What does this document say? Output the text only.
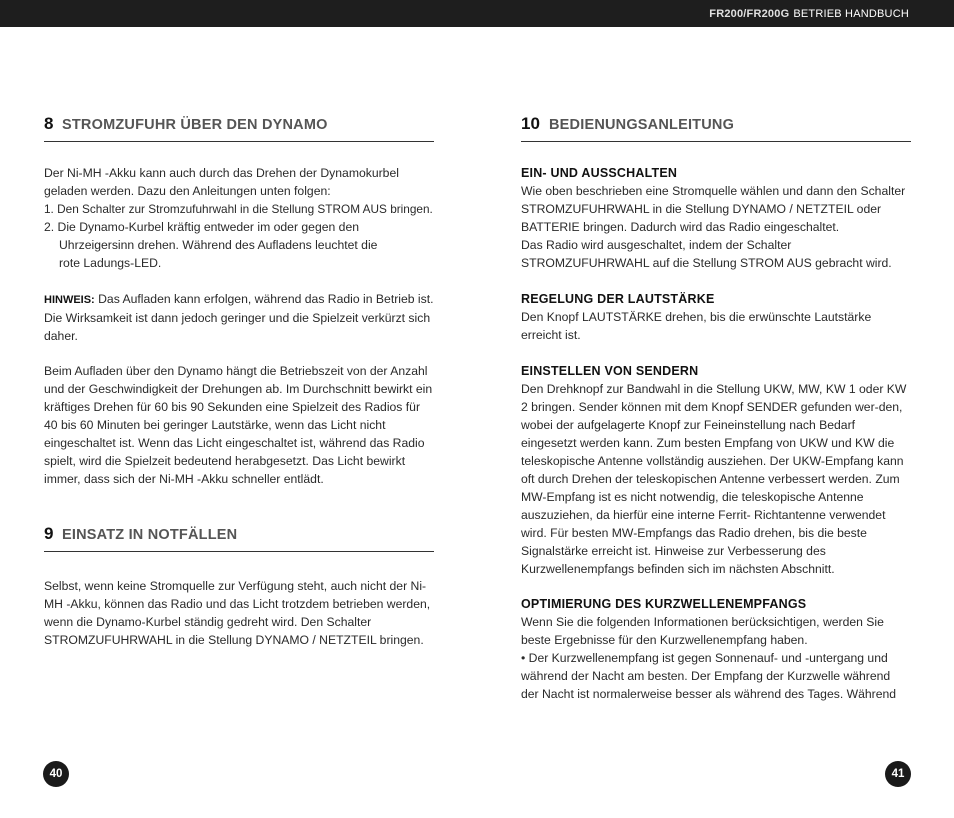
FR200/FR200G BETRIEB HANDBUCH
8 STROMZUFUHR ÜBER DEN DYNAMO

Der Ni-MH -Akku kann auch durch das Drehen der Dynamokurbel

geladen werden. Dazu den Anleitungen unten folgen:

1. Den Schalter zur Stromzufuhrwahl in die Stellung STROM AUS bringen.

2. Die Dynamo-Kurbel kräftig entweder im oder gegen den Uhrzeigersinn drehen. Während des Aufladens leuchtet die rote Ladungs-LED.

HINWEIS: Das Aufladen kann erfolgen, während das Radio in Betrieb ist. Die Wirksamkeit ist dann jedoch geringer und die Spielzeit verkürzt sich daher.

Beim Aufladen über den Dynamo hängt die Betriebszeit von der Anzahl und der Geschwindigkeit der Drehungen ab. Im Durchschnitt bewirkt ein kräftiges Drehen für 60 bis 90 Sekunden eine Spielzeit des Radios für 40 bis 60 Minuten bei geringer Lautstärke, wenn das Licht nicht eingeschaltet ist. Wenn das Licht eingeschaltet ist, während das Radio spielt, wird die Spielzeit bedeutend herabgesetzt. Das Licht bewirkt immer, dass sich der Ni-MH -Akku schneller entlädt.

9 EINSATZ IN NOTFÄLLEN

Selbst, wenn keine Stromquelle zur Verfügung steht, auch nicht der Ni-MH -Akku, können das Radio und das Licht trotzdem betrieben werden, wenn die Dynamo-Kurbel ständig gedreht wird. Den Schalter STROMZUFUHRWAHL in die Stellung DYNAMO / NETZTEIL bringen.

40
10 BEDIENUNGSANLEITUNG

EIN- UND AUSSCHALTEN

Wie oben beschrieben eine Stromquelle wählen und dann den Schalter STROMZUFUHRWAHL in die Stellung DYNAMO / NETZTEIL oder BATTERIE bringen. Dadurch wird das Radio eingeschaltet.

Das Radio wird ausgeschaltet, indem der Schalter STROMZUFUHRWAHL auf die Stellung STROM AUS gebracht wird.

REGELUNG DER LAUTSTÄRKE

Den Knopf LAUTSTÄRKE drehen, bis die erwünschte Lautstärke erreicht ist.

EINSTELLEN VON SENDERN

Den Drehknopf zur Bandwahl in die Stellung UKW, MW, KW 1 oder KW 2 bringen. Sender können mit dem Knopf SENDER gefunden wer-den, wobei der aufgelagerte Knopf zur Feineinstellung nach Bedarf eingesetzt werden kann. Zum besten Empfang von UKW und KW die teleskopische Antenne vollständig ausziehen. Der UKW-Empfang kann oft durch Drehen der teleskopischen Antenne verbessert werden. Zum MW-Empfang ist es nicht notwendig, die teleskopische Antenne auszuziehen, da hierfür eine interne Ferrit- Richtantenne verwendet wird. Für besten MW-Empfangs das Radio drehen, bis die beste Signalstärke erreicht ist. Hinweise zur Verbesserung des Kurzwellenempfangs befinden sich im nächsten Abschnitt.

OPTIMIERUNG DES KURZWELLENEMPFANGS

Wenn Sie die folgenden Informationen berücksichtigen, werden Sie beste Ergebnisse für den Kurzwellenempfang haben.

• Der Kurzwellenempfang ist gegen Sonnenauf- und -untergang und während der Nacht am besten. Der Empfang der Kurzwelle während der Nacht ist normalerweise besser als während des Tages. Während

41
